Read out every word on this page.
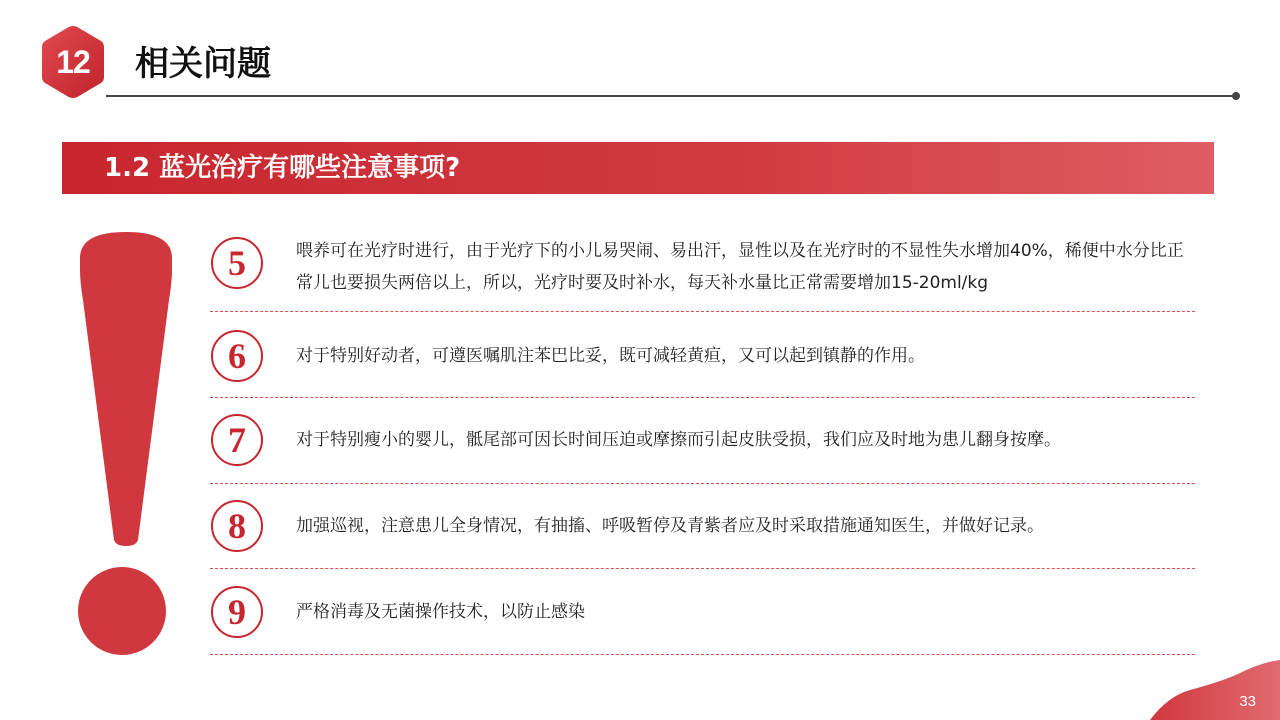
12	相关问题
1.2 蓝光治疗有哪些注意事项?
5	喂养可在光疗时进行，由于光疗下的小儿易哭闹、易出汗，显性以及在光疗时的不显性失水增加40%，稀便中水分比正常儿也要损失两倍以上，所以，光疗时要及时补水，每天补水量比正常需要增加15-20ml/kg
6	对于特别好动者，可遵医嘱肌注苯巴比妥，既可减轻黄疸，又可以起到镇静的作用。
7	对于特别瘦小的婴儿，骶尾部可因长时间压迫或摩擦而引起皮肤受损，我们应及时地为患儿翻身按摩。
8	加强巡视，注意患儿全身情况，有抽搐、呼吸暂停及青紫者应及时采取措施通知医生，并做好记录。
9	严格消毒及无菌操作技术，以防止感染
33
